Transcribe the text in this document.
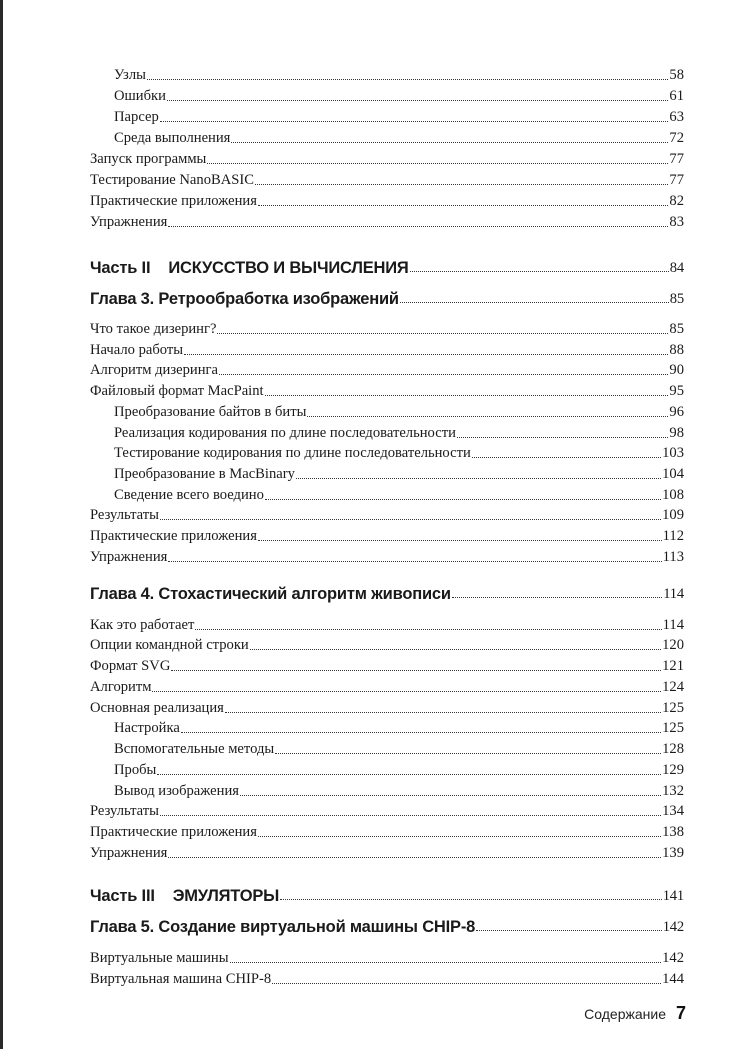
Узлы	58
Ошибки	61
Парсер	63
Среда выполнения	72
Запуск программы	77
Тестирование NanoBASIC	77
Практические приложения	82
Упражнения	83
Часть II ИСКУССТВО И ВЫЧИСЛЕНИЯ	84
Глава 3. Ретрообработка изображений	85
Что такое дизеринг?	85
Начало работы	88
Алгоритм дизеринга	90
Файловый формат MacPaint	95
Преобразование байтов в биты	96
Реализация кодирования по длине последовательности	98
Тестирование кодирования по длине последовательности	103
Преобразование в MacBinary	104
Сведение всего воедино	108
Результаты	109
Практические приложения	112
Упражнения	113
Глава 4. Стохастический алгоритм живописи	114
Как это работает	114
Опции командной строки	120
Формат SVG	121
Алгоритм	124
Основная реализация	125
Настройка	125
Вспомогательные методы	128
Пробы	129
Вывод изображения	132
Результаты	134
Практические приложения	138
Упражнения	139
Часть III ЭМУЛЯТОРЫ	141
Глава 5. Создание виртуальной машины CHIP-8	142
Виртуальные машины	142
Виртуальная машина CHIP-8	144
Содержание 7
